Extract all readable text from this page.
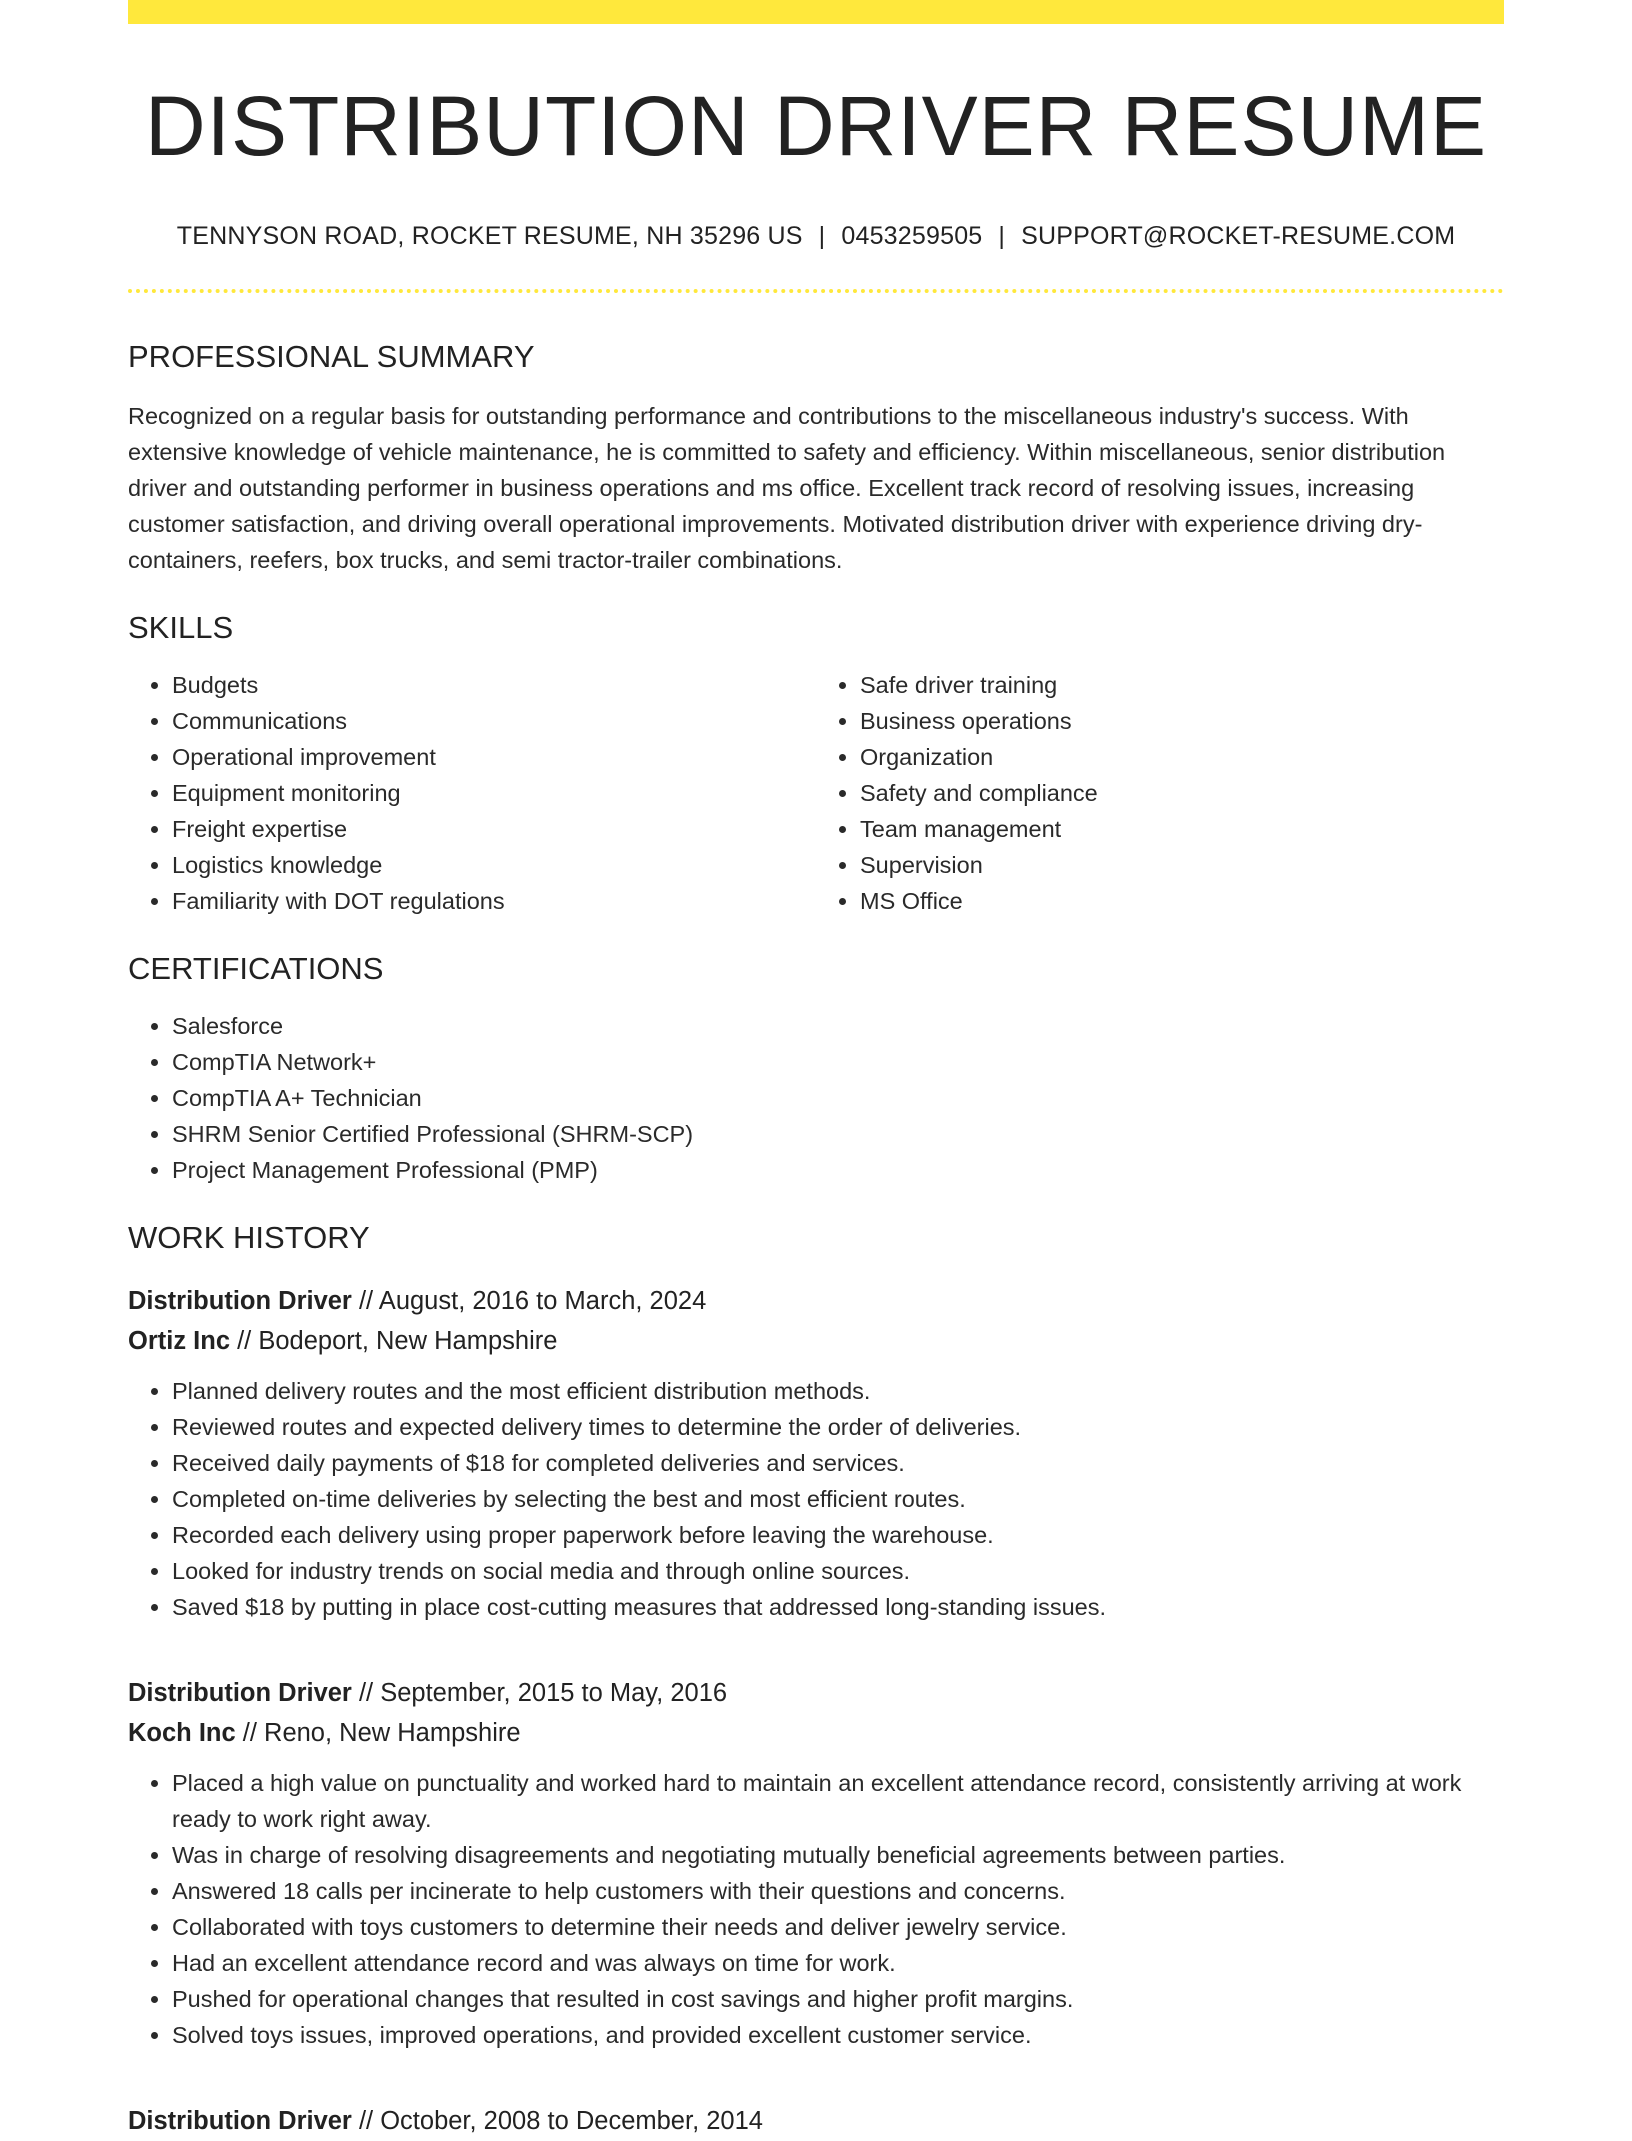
DISTRIBUTION DRIVER RESUME
TENNYSON ROAD, ROCKET RESUME, NH 35296 US | 0453259505 | SUPPORT@ROCKET-RESUME.COM
PROFESSIONAL SUMMARY

Recognized on a regular basis for outstanding performance and contributions to the miscellaneous industry's success. With extensive knowledge of vehicle maintenance, he is committed to safety and efficiency. Within miscellaneous, senior distribution driver and outstanding performer in business operations and ms office. Excellent track record of resolving issues, increasing customer satisfaction, and driving overall operational improvements. Motivated distribution driver with experience driving dry-containers, reefers, box trucks, and semi tractor-trailer combinations.

SKILLS
• Budgets
• Communications
• Operational improvement
• Equipment monitoring
• Freight expertise
• Logistics knowledge
• Familiarity with DOT regulations
• Safe driver training
• Business operations
• Organization
• Safety and compliance
• Team management
• Supervision
• MS Office
CERTIFICATIONS
• Salesforce
• CompTIA Network+
• CompTIA A+ Technician
• SHRM Senior Certified Professional (SHRM-SCP)
• Project Management Professional (PMP)
WORK HISTORY
Distribution Driver // August, 2016 to March, 2024
Ortiz Inc // Bodeport, New Hampshire
• Planned delivery routes and the most efficient distribution methods.
• Reviewed routes and expected delivery times to determine the order of deliveries.
• Received daily payments of $18 for completed deliveries and services.
• Completed on-time deliveries by selecting the best and most efficient routes.
• Recorded each delivery using proper paperwork before leaving the warehouse.
• Looked for industry trends on social media and through online sources.
• Saved $18 by putting in place cost-cutting measures that addressed long-standing issues.
Distribution Driver // September, 2015 to May, 2016
Koch Inc // Reno, New Hampshire
• Placed a high value on punctuality and worked hard to maintain an excellent attendance record, consistently arriving at work ready to work right away.
• Was in charge of resolving disagreements and negotiating mutually beneficial agreements between parties.
• Answered 18 calls per incinerate to help customers with their questions and concerns.
• Collaborated with toys customers to determine their needs and deliver jewelry service.
• Had an excellent attendance record and was always on time for work.
• Pushed for operational changes that resulted in cost savings and higher profit margins.
• Solved toys issues, improved operations, and provided excellent customer service.
Distribution Driver // October, 2008 to December, 2014
